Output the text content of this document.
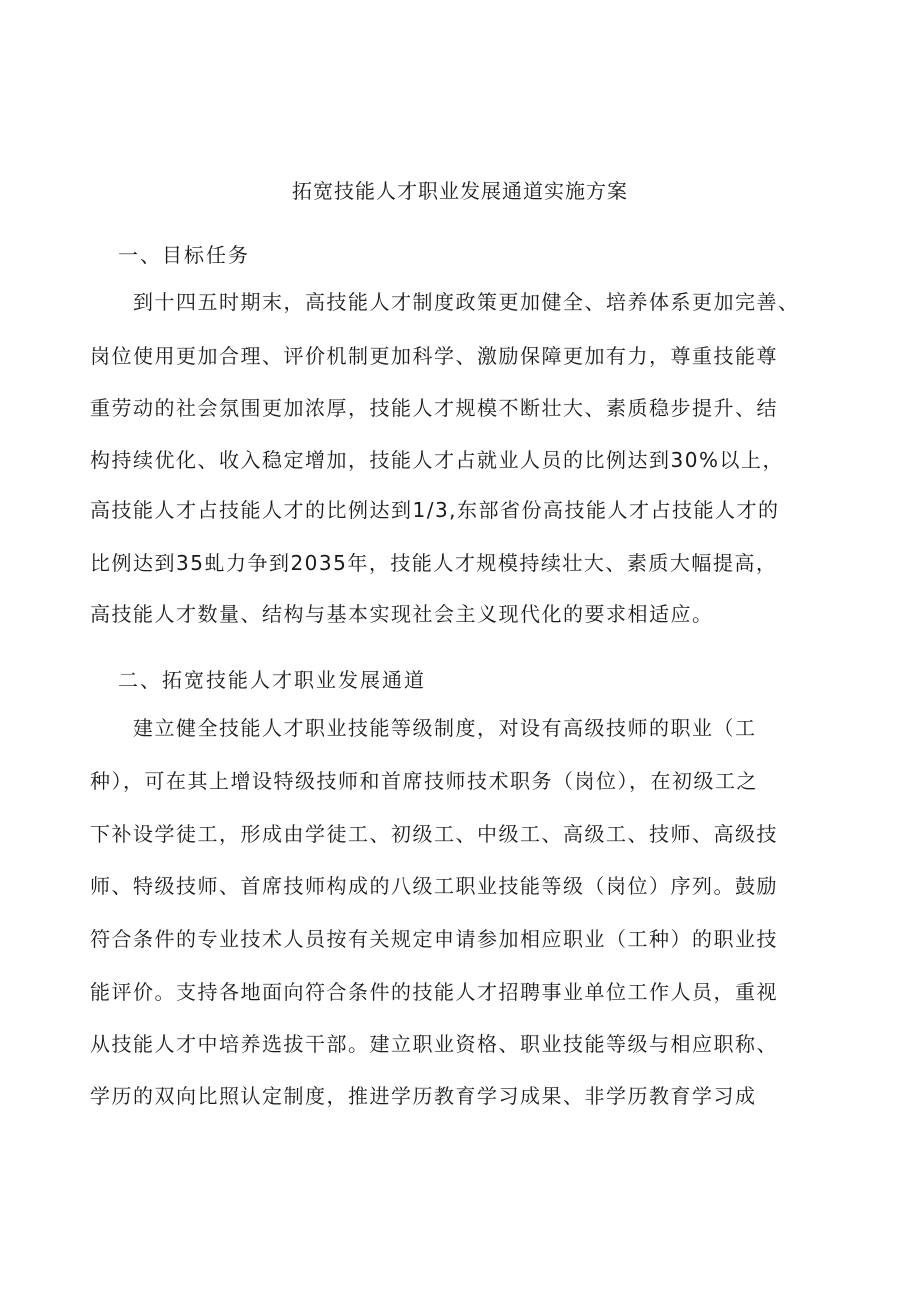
拓宽技能人才职业发展通道实施方案
一、目标任务
到十四五时期末，高技能人才制度政策更加健全、培养体系更加完善、
岗位使用更加合理、评价机制更加科学、激励保障更加有力，尊重技能尊
重劳动的社会氛围更加浓厚，技能人才规模不断壮大、素质稳步提升、结
构持续优化、收入稳定增加，技能人才占就业人员的比例达到30%以上，
高技能人才占技能人才的比例达到1/3,东部省份高技能人才占技能人才的
比例达到35虬力争到2035年，技能人才规模持续壮大、素质大幅提高，
高技能人才数量、结构与基本实现社会主义现代化的要求相适应。
二、拓宽技能人才职业发展通道
建立健全技能人才职业技能等级制度，对设有高级技师的职业（工
种），可在其上增设特级技师和首席技师技术职务（岗位），在初级工之
下补设学徒工，形成由学徒工、初级工、中级工、高级工、技师、高级技
师、特级技师、首席技师构成的八级工职业技能等级（岗位）序列。鼓励
符合条件的专业技术人员按有关规定申请参加相应职业（工种）的职业技
能评价。支持各地面向符合条件的技能人才招聘事业单位工作人员，重视
从技能人才中培养选拔干部。建立职业资格、职业技能等级与相应职称、
学历的双向比照认定制度，推进学历教育学习成果、非学历教育学习成
